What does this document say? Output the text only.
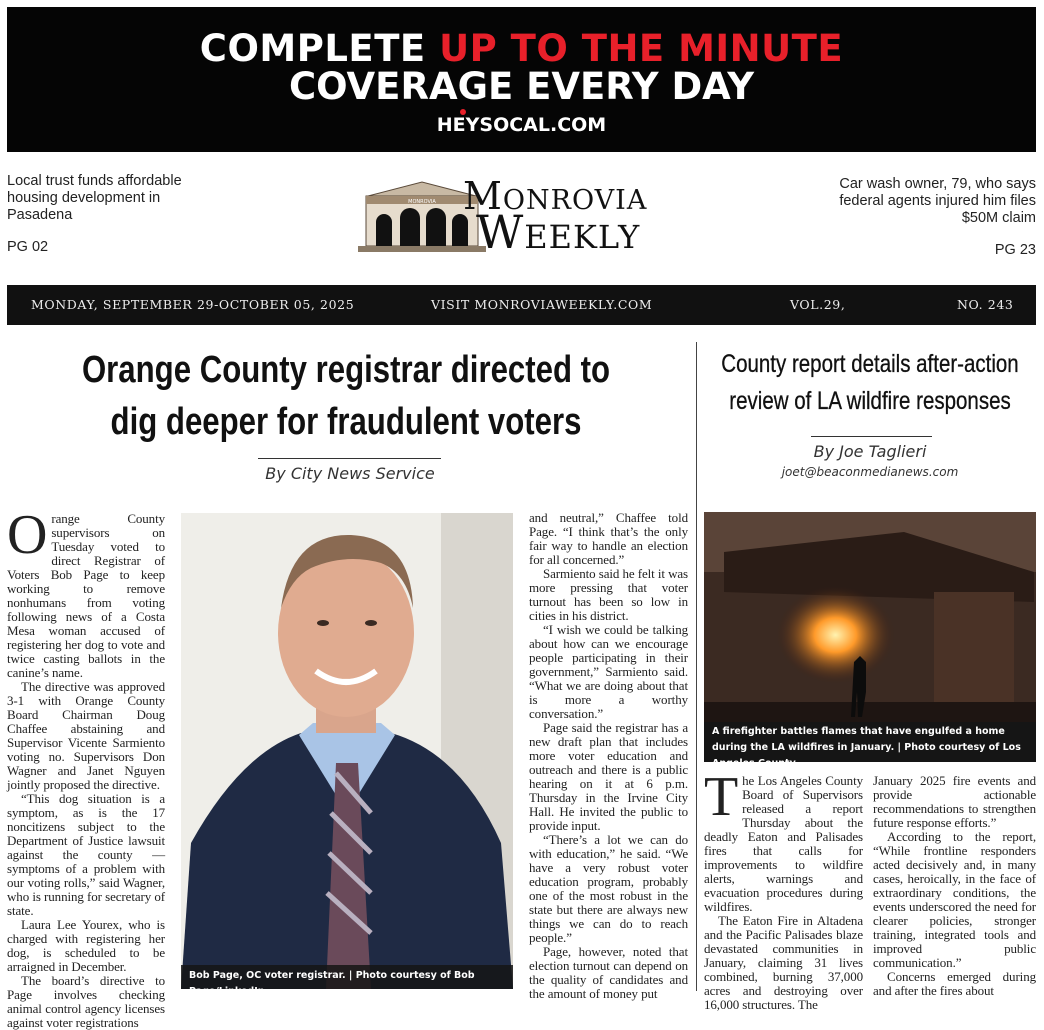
COMPLETE UP TO THE MINUTE
COVERAGE EVERY DAY
HEYSOCAL.COM
Local trust funds affordable housing development in Pasadena
PG 02
MONROVIA Monrovia
Weekly
Car wash owner, 79, who says federal agents injured him files $50M claim
PG 23
MONDAY, SEPTEMBER 29-OCTOBER 05, 2025	VISIT MONROVIAWEEKLY.COM	VOL.29,	NO. 243
Orange County registrar directed to
dig deeper for fraudulent voters
By City News Service

Orange County supervisors on Tuesday voted to direct Registrar of Voters Bob Page to keep working to remove nonhumans from voting following news of a Costa Mesa woman accused of registering her dog to vote and twice casting ballots in the canine’s name.

The directive was approved 3-1 with Orange County Board Chairman Doug Chaffee abstaining and Supervisor Vicente Sarmiento voting no. Supervisors Don Wagner and Janet Nguyen jointly proposed the directive.

“This dog situation is a symptom, as is the 17 noncitizens subject to the Department of Justice lawsuit against the county — symptoms of a problem with our voting rolls,” said Wagner, who is running for secretary of state.

Laura Lee Yourex, who is charged with registering her dog, is scheduled to be arraigned in December.

The board’s directive to Page involves checking animal control agency licenses against voter registrations

Bob Page, OC voter registrar. | Photo courtesy of Bob Page/LinkedIn

and neutral,” Chaffee told Page. “I think that’s the only fair way to handle an election for all concerned.”

Sarmiento said he felt it was more pressing that voter turnout has been so low in cities in his district.

“I wish we could be talking about how can we encourage people participating in their government,” Sarmiento said. “What we are doing about that is more a worthy conversation.”

Page said the registrar has a new draft plan that includes more voter education and outreach and there is a public hearing on it at 6 p.m. Thursday in the Irvine City Hall. He invited the public to provide input.

“There’s a lot we can do with education,” he said. “We have a very robust voter education program, probably one of the most robust in the state but there are always new things we can do to reach people.”

Page, however, noted that election turnout can depend on the quality of candidates and the amount of money put

County report details after-action
review of LA wildfire responses
By Joe Taglieri
joet@beaconmedianews.com
A firefighter battles flames that have engulfed a home during the LA wildfires in January. | Photo courtesy of Los Angeles County

The Los Angeles County Board of Supervisors released a report Thursday about the deadly Eaton and Palisades fires that calls for improvements to wildfire alerts, warnings and evacuation procedures during wildfires.

The Eaton Fire in Altadena and the Pacific Palisades blaze devastated communities in January, claiming 31 lives combined, burning 37,000 acres and destroying over 16,000 structures. The

January 2025 fire events and provide actionable recommendations to strengthen future response efforts.”

According to the report, “While frontline responders acted decisively and, in many cases, heroically, in the face of extraordinary conditions, the events underscored the need for clearer policies, stronger training, integrated tools and improved public communication.”

Concerns emerged during and after the fires about
